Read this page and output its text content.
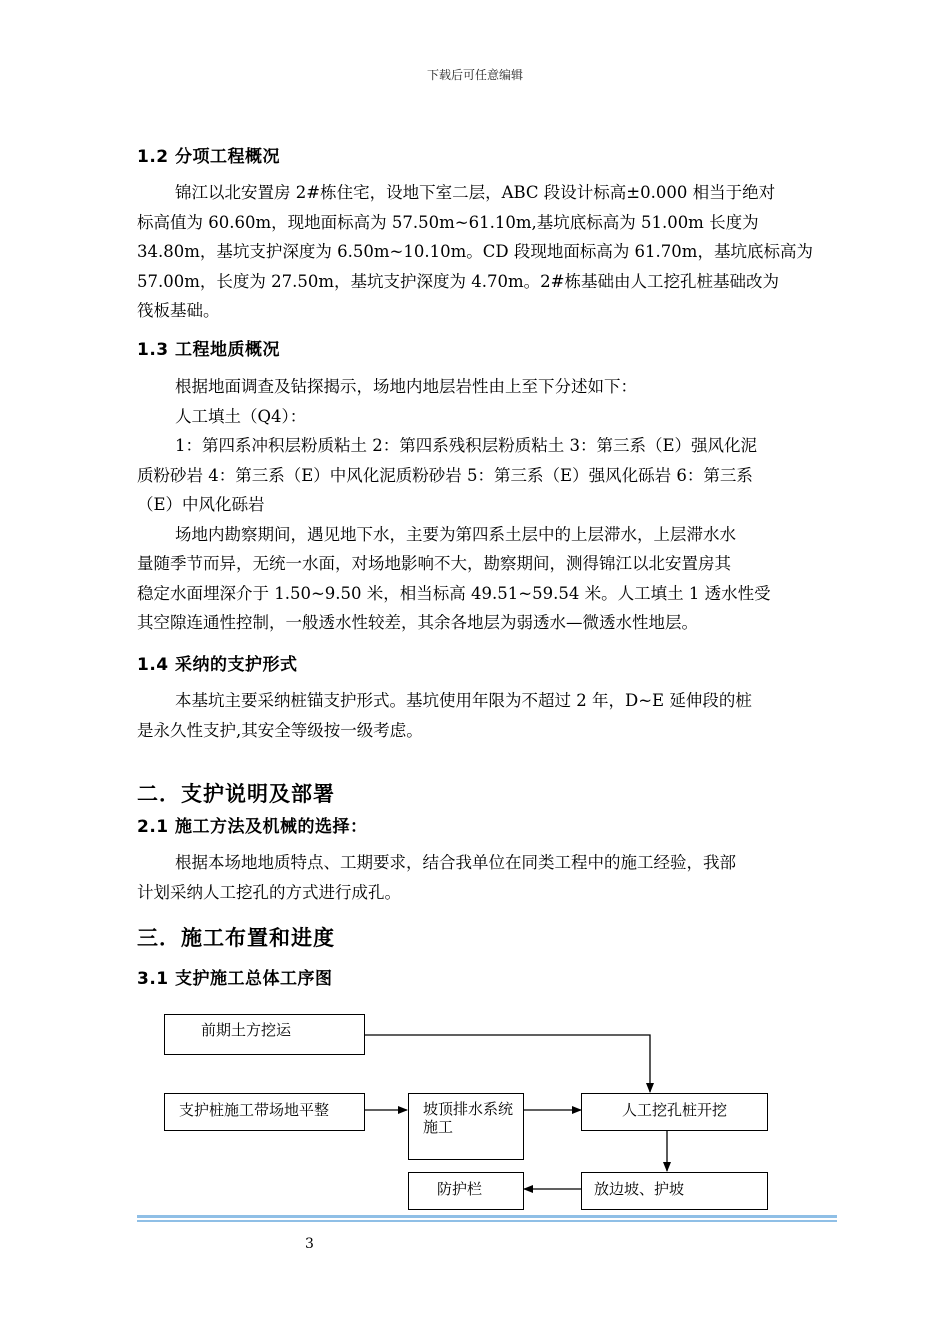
下载后可任意编辑
1.2 分项工程概况

锦江以北安置房 2#栋住宅，设地下室二层，ABC 段设计标高±0.000 相当于绝对

标高值为 60.60m，现地面标高为 57.50m~61.10m,基坑底标高为 51.00m 长度为

34.80m，基坑支护深度为 6.50m~10.10m。CD 段现地面标高为 61.70m，基坑底标高为

57.00m，长度为 27.50m，基坑支护深度为 4.70m。2#栋基础由人工挖孔桩基础改为

筏板基础。

1.3 工程地质概况

根据地面调查及钻探揭示，场地内地层岩性由上至下分述如下：

人工填土（Q4）：

1：第四系冲积层粉质粘土 2：第四系残积层粉质粘土 3：第三系（E）强风化泥

质粉砂岩 4：第三系（E）中风化泥质粉砂岩 5：第三系（E）强风化砾岩 6：第三系

（E）中风化砾岩

场地内勘察期间，遇见地下水，主要为第四系土层中的上层滞水，上层滞水水

量随季节而异，无统一水面，对场地影响不大，勘察期间，测得锦江以北安置房其

稳定水面埋深介于 1.50~9.50 米，相当标高 49.51~59.54 米。人工填土 1 透水性受

其空隙连通性控制，一般透水性较差，其余各地层为弱透水—微透水性地层。

1.4 采纳的支护形式

本基坑主要采纳桩锚支护形式。基坑使用年限为不超过 2 年，D~E 延伸段的桩

是永久性支护,其安全等级按一级考虑。

二．支护说明及部署
2.1 施工方法及机械的选择：

根据本场地地质特点、工期要求，结合我单位在同类工程中的施工经验，我部

计划采纳人工挖孔的方式进行成孔。

三．施工布置和进度
3.1 支护施工总体工序图
前期土方挖运
支护桩施工带场地平整	坡顶排水系统施工
人工挖孔桩开挖
放边坡、护坡
防护栏
3
